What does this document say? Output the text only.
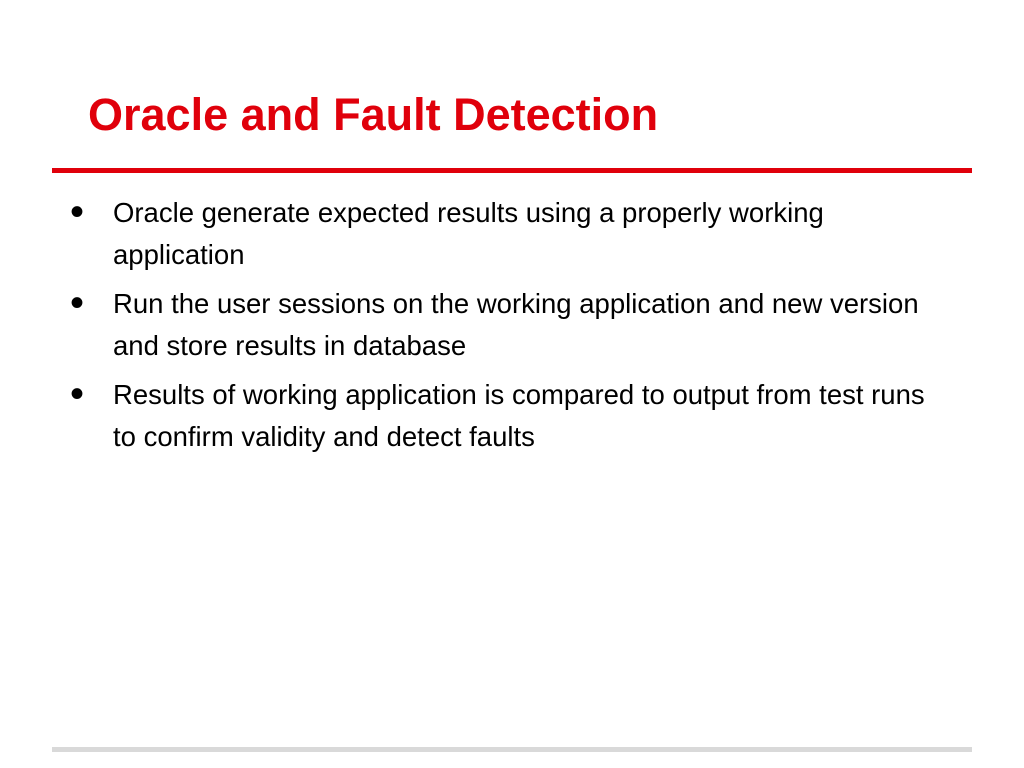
Oracle and Fault Detection
•	Oracle generate expected results using a properly working application
•	Run the user sessions on the working application and new version and store results in database
•	Results of working application is compared to output from test runs to confirm validity and detect faults
